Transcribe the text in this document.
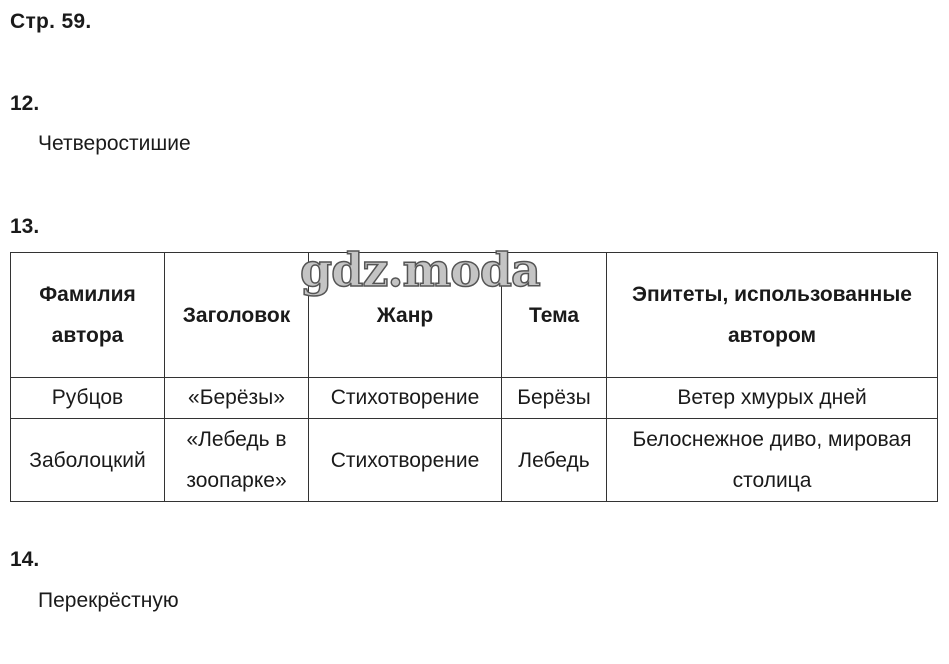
Стр. 59.
12.
Четверостишие
13.
gdz.moda
Фамилия автора	Заголовок	Жанр	Тема	Эпитеты, использованные автором
Рубцов	«Берёзы»	Стихотворение	Берёзы	Ветер хмурых дней
Заболоцкий	«Лебедь в зоопарке»	Стихотворение	Лебедь	Белоснежное диво, мировая столица
14.
Перекрёстную
